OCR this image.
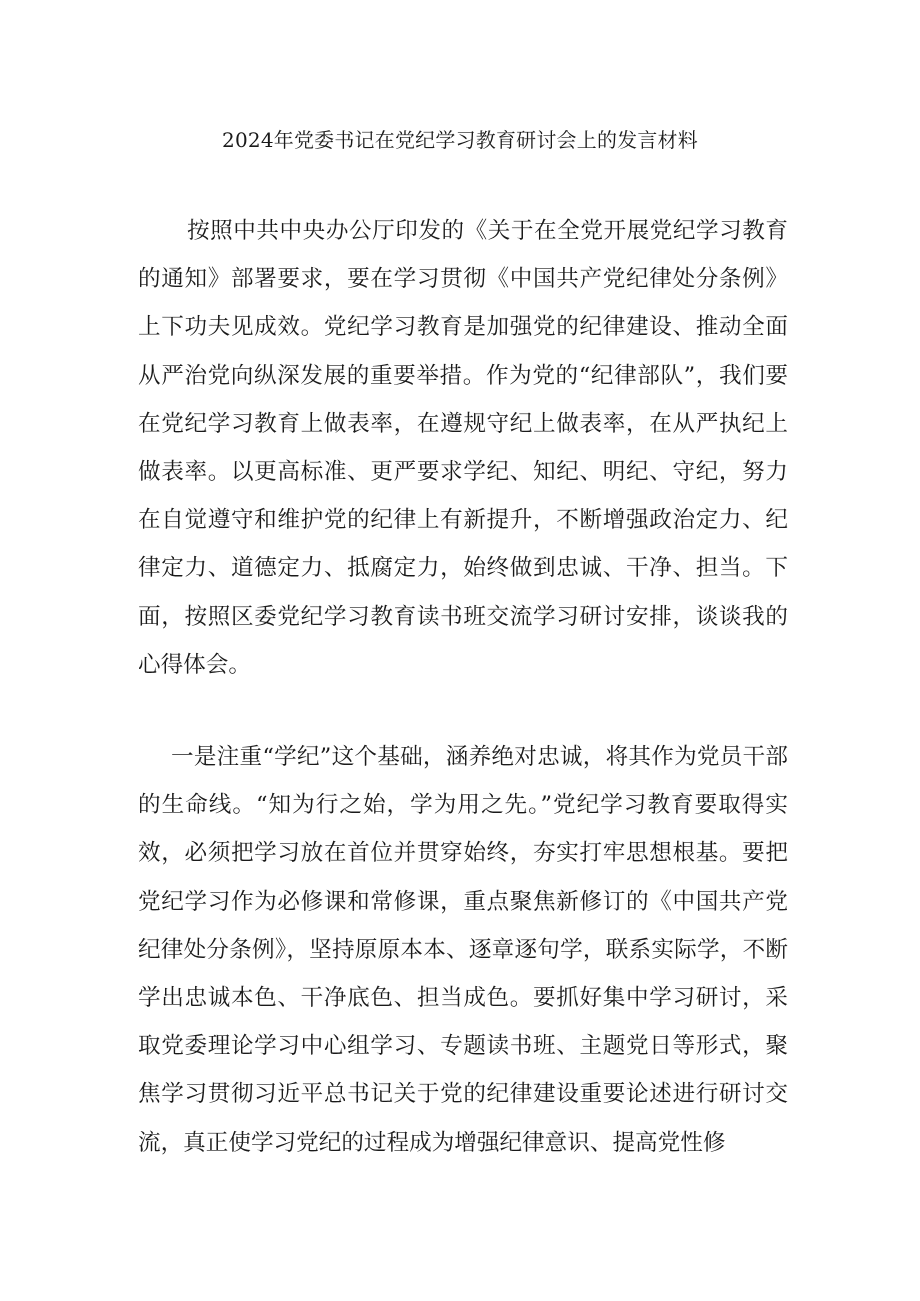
2024年党委书记在党纪学习教育研讨会上的发言材料

按照中共中央办公厅印发的《关于在全党开展党纪学习教育的通知》部署要求，要在学习贯彻《中国共产党纪律处分条例》上下功夫见成效。党纪学习教育是加强党的纪律建设、推动全面从严治党向纵深发展的重要举措。作为党的“纪律部队”，我们要在党纪学习教育上做表率，在遵规守纪上做表率，在从严执纪上做表率。以更高标准、更严要求学纪、知纪、明纪、守纪，努力在自觉遵守和维护党的纪律上有新提升，不断增强政治定力、纪律定力、道德定力、抵腐定力，始终做到忠诚、干净、担当。下面，按照区委党纪学习教育读书班交流学习研讨安排，谈谈我的心得体会。

一是注重“学纪”这个基础，涵养绝对忠诚，将其作为党员干部的生命线。“知为行之始，学为用之先。”党纪学习教育要取得实效，必须把学习放在首位并贯穿始终，夯实打牢思想根基。要把党纪学习作为必修课和常修课，重点聚焦新修订的《中国共产党纪律处分条例》，坚持原原本本、逐章逐句学，联系实际学，不断学出忠诚本色、干净底色、担当成色。要抓好集中学习研讨，采取党委理论学习中心组学习、专题读书班、主题党日等形式，聚焦学习贯彻习近平总书记关于党的纪律建设重要论述进行研讨交流，真正使学习党纪的过程成为增强纪律意识、提高党性修
